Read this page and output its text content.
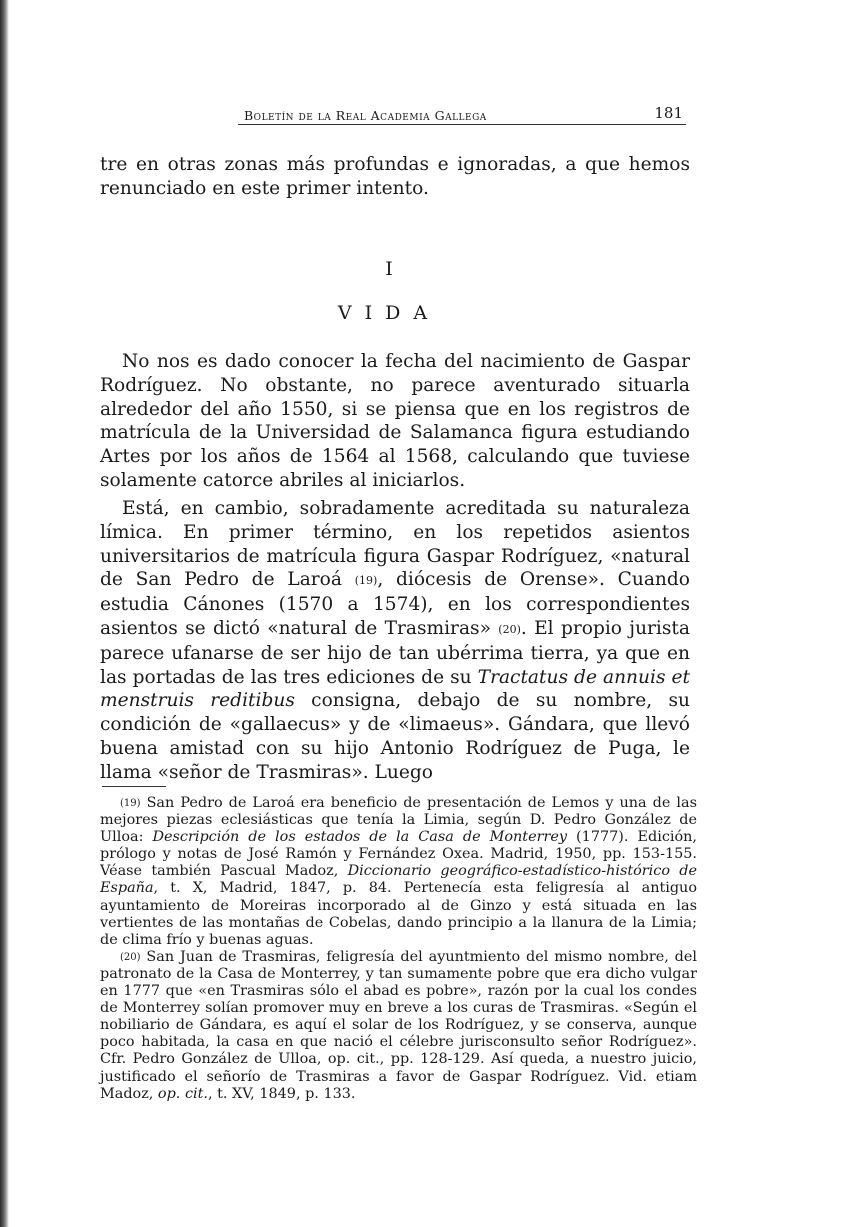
Boletín de la Real Academia Gallega	181

tre en otras zonas más profundas e ignoradas, a que hemos renunciado en este primer intento.

I
VIDA

No nos es dado conocer la fecha del nacimiento de Gaspar Rodríguez. No obstante, no parece aventurado situarla alrededor del año 1550, si se piensa que en los registros de matrícula de la Universidad de Salamanca figura estudiando Artes por los años de 1564 al 1568, calculando que tuviese solamente catorce abriles al iniciarlos.

Está, en cambio, sobradamente acreditada su naturaleza límica. En primer término, en los repetidos asientos universitarios de matrícula figura Gaspar Rodríguez, «natural de San Pedro de Laroá (19), diócesis de Orense». Cuando estudia Cánones (1570 a 1574), en los correspondientes asientos se dictó «natural de Trasmiras» (20). El propio jurista parece ufanarse de ser hijo de tan ubérrima tierra, ya que en las portadas de las tres ediciones de su Tractatus de annuis et menstruis reditibus consigna, debajo de su nombre, su condición de «gallaecus» y de «limaeus». Gándara, que llevó buena amistad con su hijo Antonio Rodríguez de Puga, le llama «señor de Trasmiras». Luego

(19) San Pedro de Laroá era beneficio de presentación de Lemos y una de las mejores piezas eclesiásticas que tenía la Limia, según D. Pedro González de Ulloa: Descripción de los estados de la Casa de Monterrey (1777). Edición, prólogo y notas de José Ramón y Fernández Oxea. Madrid, 1950, pp. 153-155. Véase también Pascual Madoz, Diccionario geográfico-estadístico-histórico de España, t. X, Madrid, 1847, p. 84. Pertenecía esta feligresía al antiguo ayuntamiento de Moreiras incorporado al de Ginzo y está situada en las vertientes de las montañas de Cobelas, dando principio a la llanura de la Limia; de clima frío y buenas aguas.

(20) San Juan de Trasmiras, feligresía del ayuntmiento del mismo nombre, del patronato de la Casa de Monterrey, y tan sumamente pobre que era dicho vulgar en 1777 que «en Trasmiras sólo el abad es pobre», razón por la cual los condes de Monterrey solían promover muy en breve a los curas de Trasmiras. «Según el nobiliario de Gándara, es aquí el solar de los Rodríguez, y se conserva, aunque poco habitada, la casa en que nació el célebre jurisconsulto señor Rodríguez». Cfr. Pedro González de Ulloa, op. cit., pp. 128-129. Así queda, a nuestro juicio, justificado el señorío de Trasmiras a favor de Gaspar Rodríguez. Vid. etiam Madoz, op. cit., t. XV, 1849, p. 133.
